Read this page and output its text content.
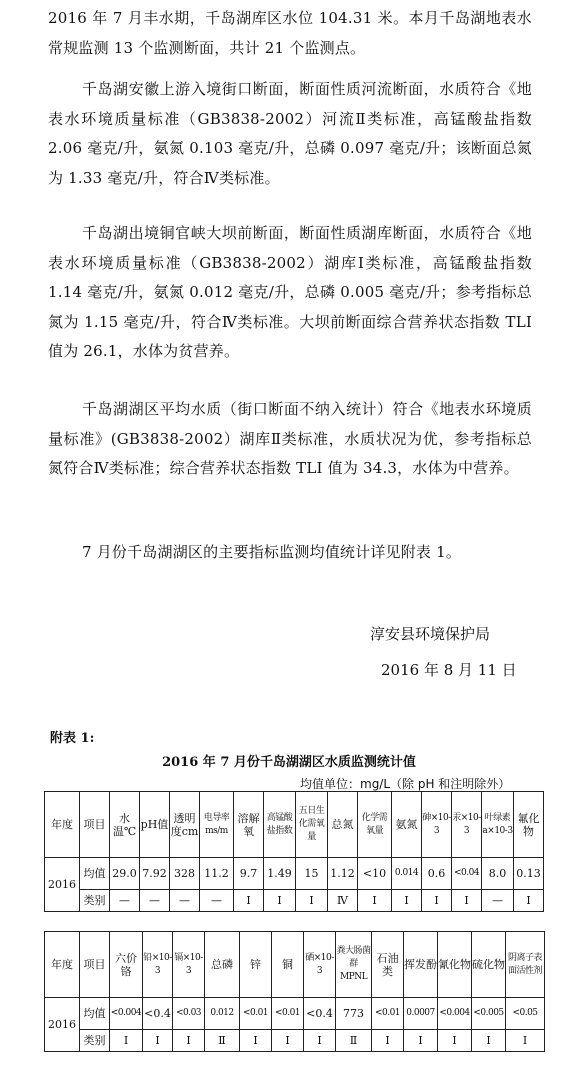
2016 年 7 月丰水期，千岛湖库区水位 104.31 米。本月千岛湖地表水常规监测 13 个监测断面，共计 21 个监测点。

千岛湖安徽上游入境街口断面，断面性质河流断面，水质符合《地表水环境质量标准（GB3838-2002）河流Ⅱ类标准，高锰酸盐指数 2.06 毫克/升，氨氮 0.103 毫克/升，总磷 0.097 毫克/升；该断面总氮为 1.33 毫克/升，符合Ⅳ类标准。

千岛湖出境铜官峡大坝前断面，断面性质湖库断面，水质符合《地表水环境质量标准（GB3838-2002）湖库Ⅰ类标准，高锰酸盐指数 1.14 毫克/升，氨氮 0.012 毫克/升，总磷 0.005 毫克/升；参考指标总氮为 1.15 毫克/升，符合Ⅳ类标准。大坝前断面综合营养状态指数 TLI 值为 26.1，水体为贫营养。

千岛湖湖区平均水质（街口断面不纳入统计）符合《地表水环境质量标准》(GB3838-2002）湖库Ⅱ类标准，水质状况为优，参考指标总氮符合Ⅳ类标准；综合营养状态指数 TLI 值为 34.3，水体为中营养。

7 月份千岛湖湖区的主要指标监测均值统计详见附表 1。

淳安县环境保护局
2016 年 8 月 11 日
附表 1:
2016 年 7 月份千岛湖湖区水质监测统计值
均值单位：mg/L（除 pH 和注明除外）
年度	项目	水温℃	pH值	透明度cm	电导率ms/m	溶解氧	高锰酸盐指数	五日生化需氧量	总氮	化学需氧量	氨氮	砷×10-3	汞×10-3	叶绿素a×10-3	氟化物
2016	均值	29.0	7.92	328	11.2	9.7	1.49	15	1.12	<10	0.014	0.6	<0.04	8.0	0.13
	类别	—	—	—	—	Ⅰ	Ⅰ	Ⅰ	Ⅳ	Ⅰ	Ⅰ	Ⅰ	Ⅰ	—	Ⅰ
年度	项目	六价铬	铅×10-3	镉×10-3	总磷	锌	铜	硒×10-3	粪大肠菌群MPNL	石油类	挥发酚	氰化物	硫化物	阴离子表面活性剂
2016	均值	<0.004	<0.4	<0.03	0.012	<0.01	<0.01	<0.4	773	<0.01	0.0007	<0.004	<0.005	<0.05
	类别	Ⅰ	Ⅰ	Ⅰ	Ⅱ	Ⅰ	Ⅰ	Ⅰ	Ⅱ	Ⅰ	Ⅰ	Ⅰ	Ⅰ	Ⅰ
